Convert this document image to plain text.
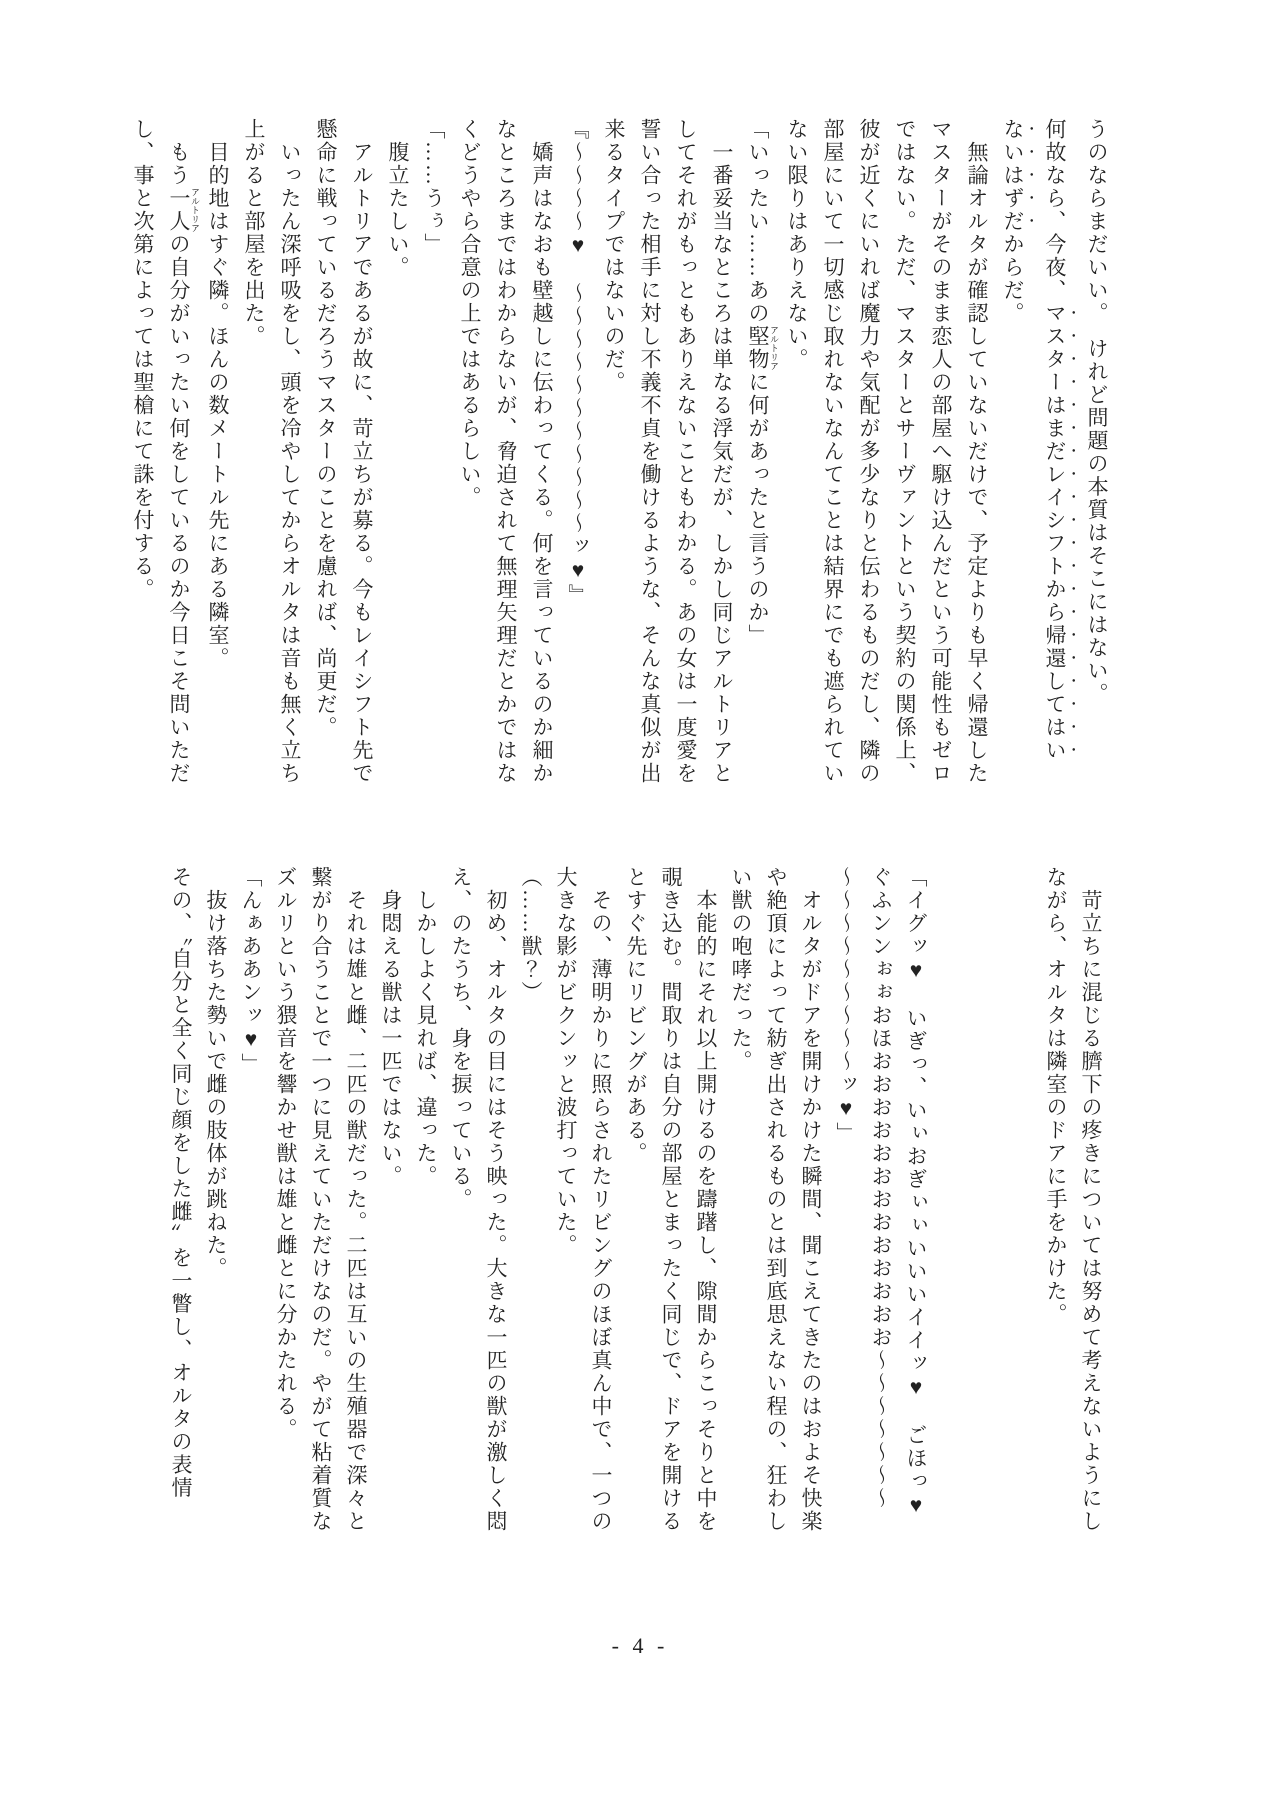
うのならまだいい。　けれど問題の本質はそこにはない。
何故なら、今夜、マスターはまだレイシフトから帰還してはい
ないはずだからだ。
無論オルタが確認していないだけで、予定よりも早く帰還した
マスターがそのまま恋人の部屋へ駆け込んだという可能性もゼロ
ではない。ただ、マスターとサーヴァントという契約の関係上、
彼が近くにいれば魔力や気配が多少なりと伝わるものだし、隣の
部屋にいて一切感じ取れないなんてことは結界にでも遮られてい
ない限りはありえない。
「いったい……あの堅物 アルトリアに何があったと言うのか」
一番妥当なところは単なる浮気だが、しかし同じアルトリアと
してそれがもっともありえないこともわかる。あの女は一度愛を
誓い合った相手に対し不義不貞を働けるような、そんな真似が出
来るタイプではないのだ。
『〜〜〜〜♥　〜〜〜〜〜〜〜〜〜〜〜ッ♥』
嬌声はなおも壁越しに伝わってくる。何を言っているのか細か
なところまではわからないが、脅迫されて無理矢理だとかではな
くどうやら合意の上ではあるらしい。
「……うぅ」
腹立たしい。
アルトリアであるが故に、苛立ちが募る。今もレイシフト先で
懸命に戦っているだろうマスターのことを慮れば、尚更だ。
いったん深呼吸をし、頭を冷やしてからオルタは音も無く立ち
上がると部屋を出た。
目的地はすぐ隣。ほんの数メートル先にある隣室。
もう一人 アルトリアの自分がいったい何をしているのか今日こそ問いただ
し、事と次第によっては聖槍にて誅を付する。
苛立ちに混じる臍下の疼きについては努めて考えないようにし
ながら、オルタは隣室のドアに手をかけた。

「イグッ♥　いぎっ、いぃおぎぃぃいいいイイッ♥　ごほっ♥
ぐふンンぉぉおほおおおおおおおおおおおおお〜〜〜〜〜〜〜
〜〜〜〜〜〜〜〜〜ッ♥」
オルタがドアを開けかけた瞬間、聞こえてきたのはおよそ快楽
や絶頂によって紡ぎ出されるものとは到底思えない程の、狂わし
い獣の咆哮だった。
本能的にそれ以上開けるのを躊躇し、隙間からこっそりと中を
覗き込む。間取りは自分の部屋とまったく同じで、ドアを開ける
とすぐ先にリビングがある。
その、薄明かりに照らされたリビングのほぼ真ん中で、一つの
大きな影がビクンッと波打っていた。
（……獣？）
初め、オルタの目にはそう映った。大きな一匹の獣が激しく悶
え、のたうち、身を捩っている。
しかしよく見れば、違った。
身悶える獣は一匹ではない。
それは雄と雌、二匹の獣だった。二匹は互いの生殖器で深々と
繋がり合うことで一つに見えていただけなのだ。やがて粘着質な
ズルリという猥音を響かせ獣は雄と雌とに分かたれる。
「んぁああンッ♥」
抜け落ちた勢いで雌の肢体が跳ねた。
その、〝自分と全く同じ顔をした雌〟を一瞥し、オルタの表情
- 4 -
